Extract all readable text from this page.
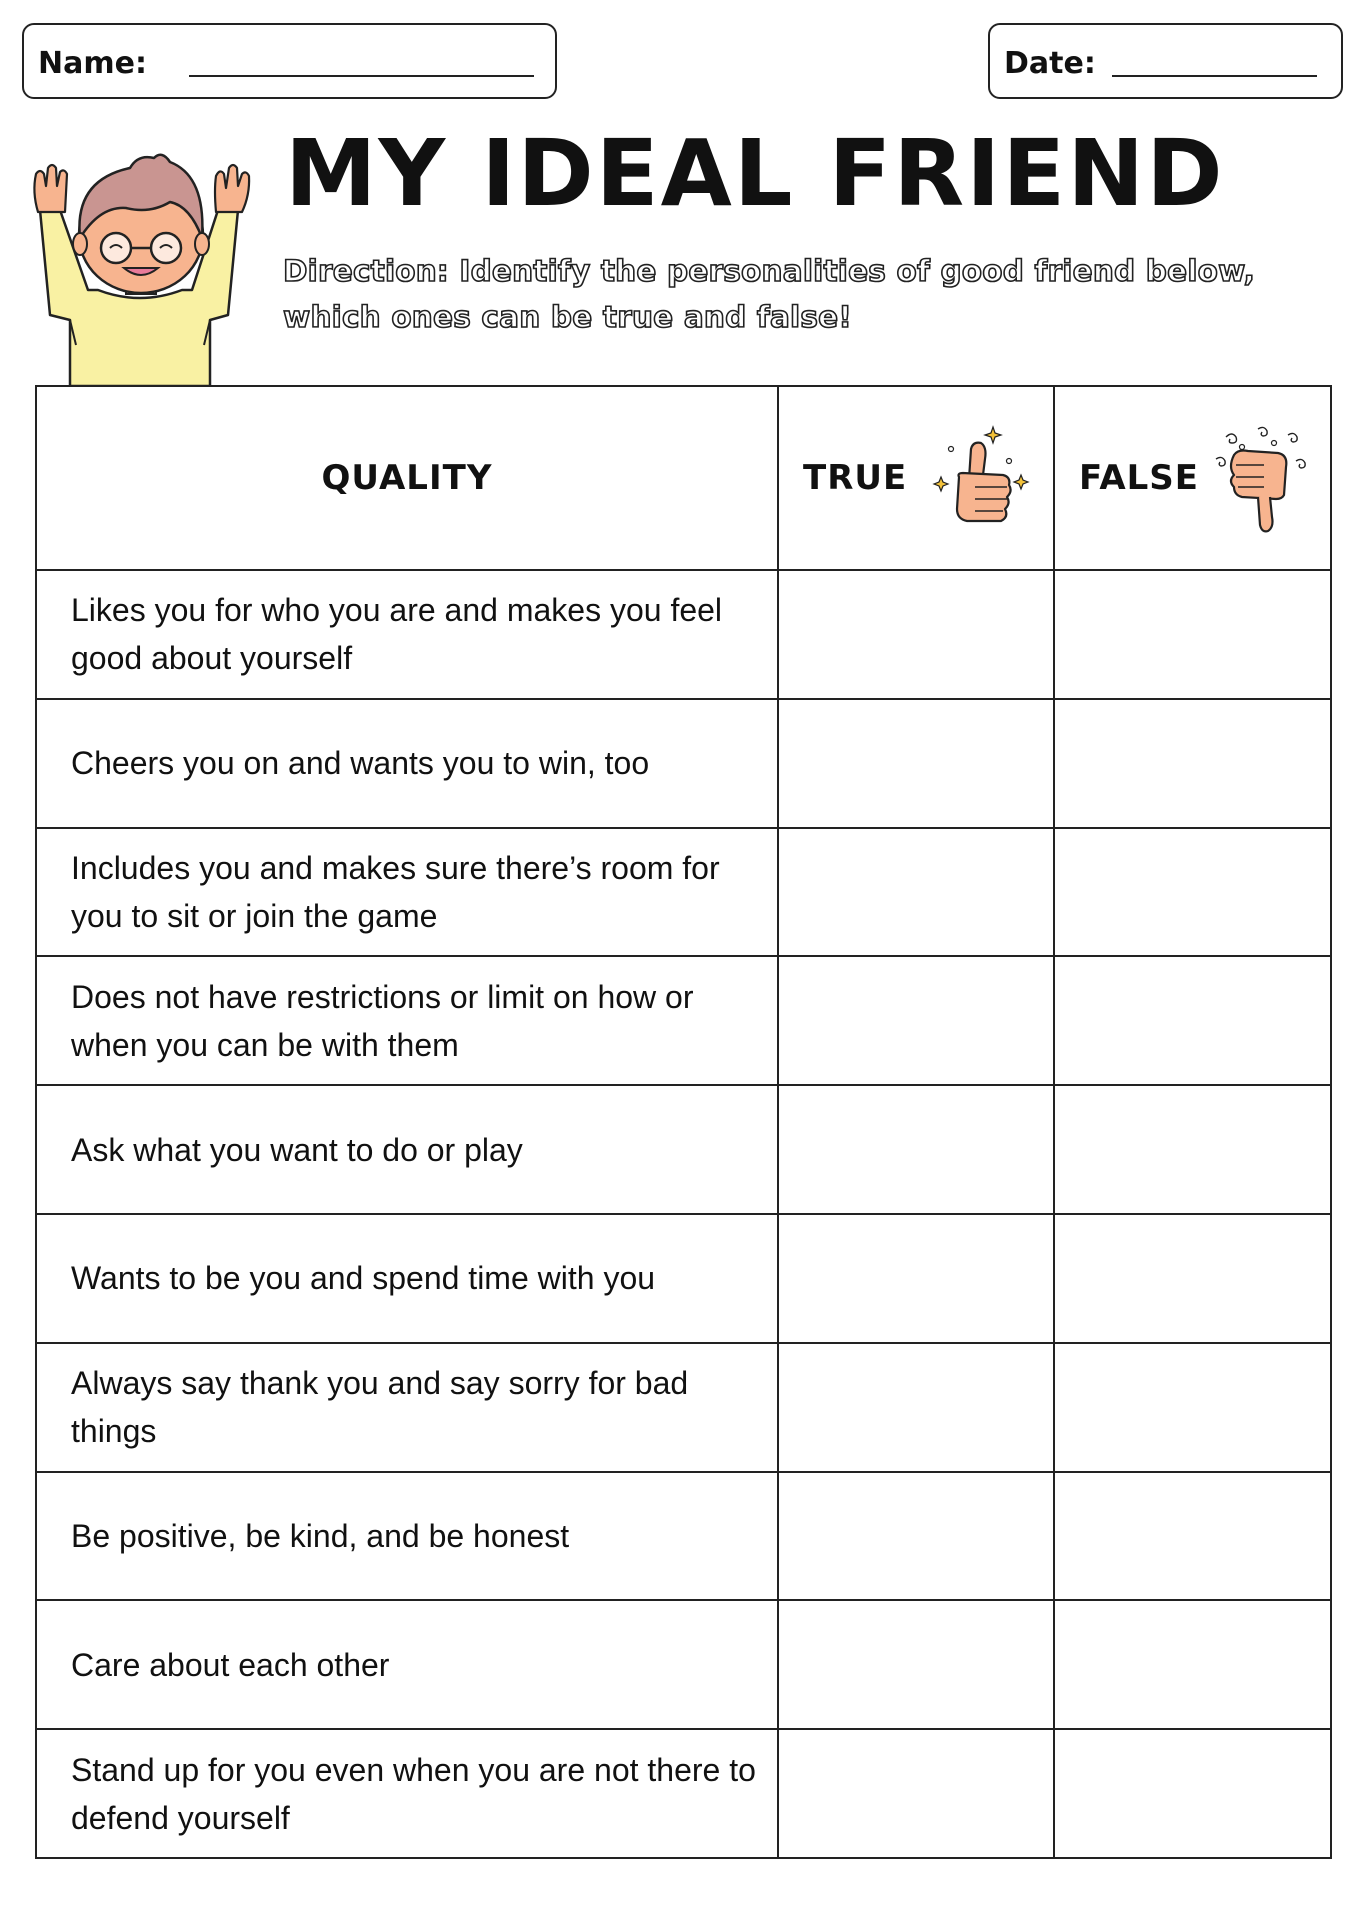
Name:	Date:
MY IDEAL FRIEND
Direction: Identify the personalities of good friend below, which ones can be true and false!
QUALITY	TRUE	FALSE

Likes you for who you are and makes you feel good about yourself		

Cheers you on and wants you to win, too		

Includes you and makes sure there’s room for you to sit or join the game		

Does not have restrictions or limit on how or when you can be with them		

Ask what you want to do or play		

Wants to be you and spend time with you		

Always say thank you and say sorry for bad things		

Be positive, be kind, and be honest		

Care about each other		

Stand up for you even when you are not there to defend yourself		
